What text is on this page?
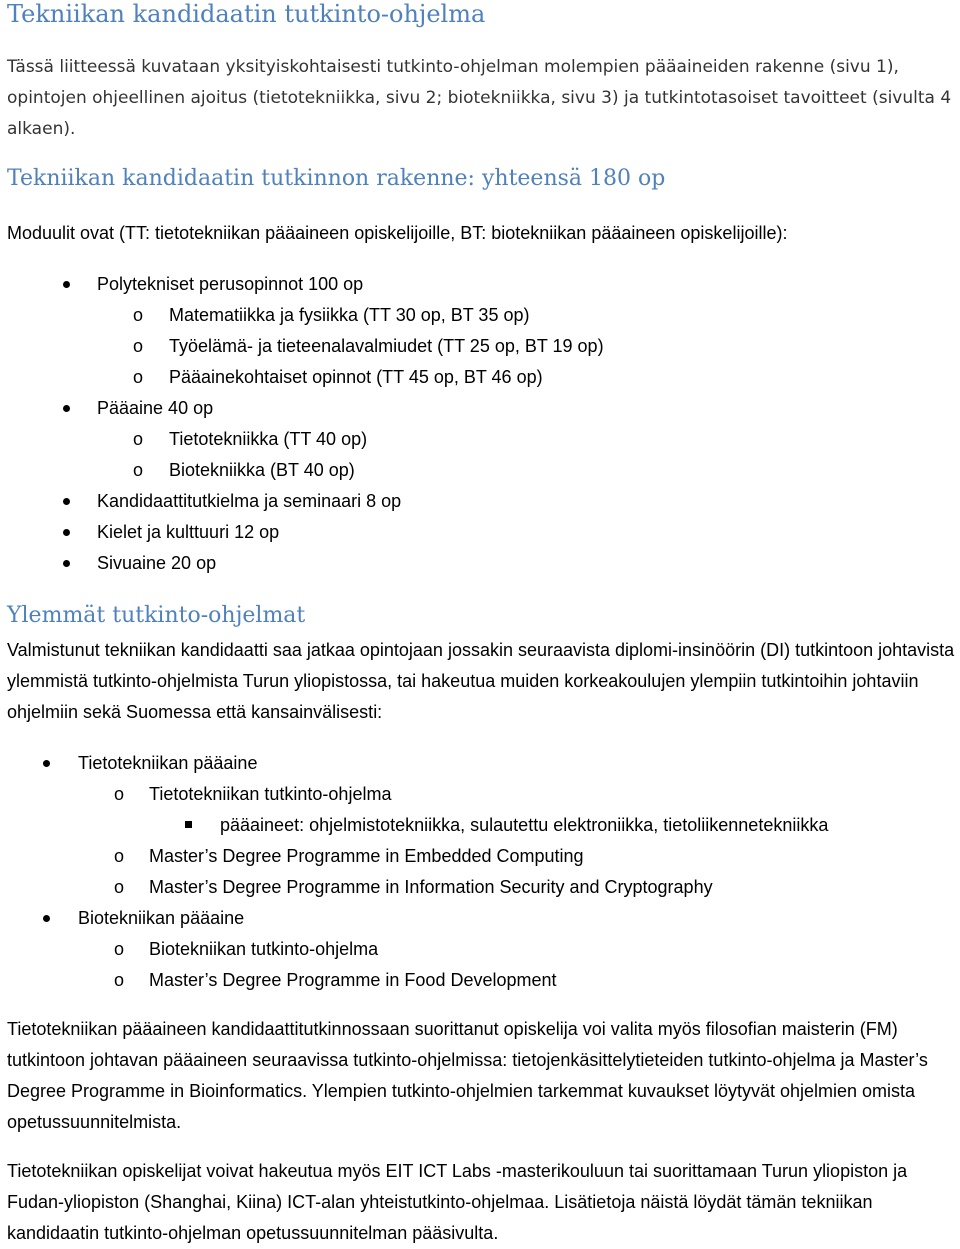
Tekniikan kandidaatin tutkinto-ohjelma

Tässä liitteessä kuvataan yksityiskohtaisesti tutkinto-ohjelman molempien pääaineiden rakenne (sivu 1), opintojen ohjeellinen ajoitus (tietotekniikka, sivu 2; biotekniikka, sivu 3) ja tutkintotasoiset tavoitteet (sivulta 4 alkaen).

Tekniikan kandidaatin tutkinnon rakenne: yhteensä 180 op

Moduulit ovat (TT: tietotekniikan pääaineen opiskelijoille, BT: biotekniikan pääaineen opiskelijoille):

Polytekniset perusopinnot 100 op
o Matematiikka ja fysiikka (TT 30 op, BT 35 op)
o Työelämä- ja tieteenalavalmiudet (TT 25 op, BT 19 op)
o Pääainekohtaiset opinnot (TT 45 op, BT 46 op)
Pääaine 40 op
o Tietotekniikka (TT 40 op)
o Biotekniikka (BT 40 op)
Kandidaattitutkielma ja seminaari 8 op
Kielet ja kulttuuri 12 op
Sivuaine 20 op
Ylemmät tutkinto-ohjelmat

Valmistunut tekniikan kandidaatti saa jatkaa opintojaan jossakin seuraavista diplomi-insinöörin (DI) tutkintoon johtavista ylemmistä tutkinto-ohjelmista Turun yliopistossa, tai hakeutua muiden korkeakoulujen ylempiin tutkintoihin johtaviin ohjelmiin sekä Suomessa että kansainvälisesti:

Tietotekniikan pääaine
o Tietotekniikan tutkinto-ohjelma
pääaineet: ohjelmistotekniikka, sulautettu elektroniikka, tietoliikennetekniikka
o Master’s Degree Programme in Embedded Computing
o Master’s Degree Programme in Information Security and Cryptography
Biotekniikan pääaine
o Biotekniikan tutkinto-ohjelma
o Master’s Degree Programme in Food Development

Tietotekniikan pääaineen kandidaattitutkinnossaan suorittanut opiskelija voi valita myös filosofian maisterin (FM) tutkintoon johtavan pääaineen seuraavissa tutkinto-ohjelmissa: tietojenkäsittelytieteiden tutkinto-ohjelma ja Master’s Degree Programme in Bioinformatics. Ylempien tutkinto-ohjelmien tarkemmat kuvaukset löytyvät ohjelmien omista opetussuunnitelmista.

Tietotekniikan opiskelijat voivat hakeutua myös EIT ICT Labs -masterikouluun tai suorittamaan Turun yliopiston ja Fudan-yliopiston (Shanghai, Kiina) ICT-alan yhteistutkinto-ohjelmaa. Lisätietoja näistä löydät tämän tekniikan kandidaatin tutkinto-ohjelman opetussuunnitelman pääsivulta.
